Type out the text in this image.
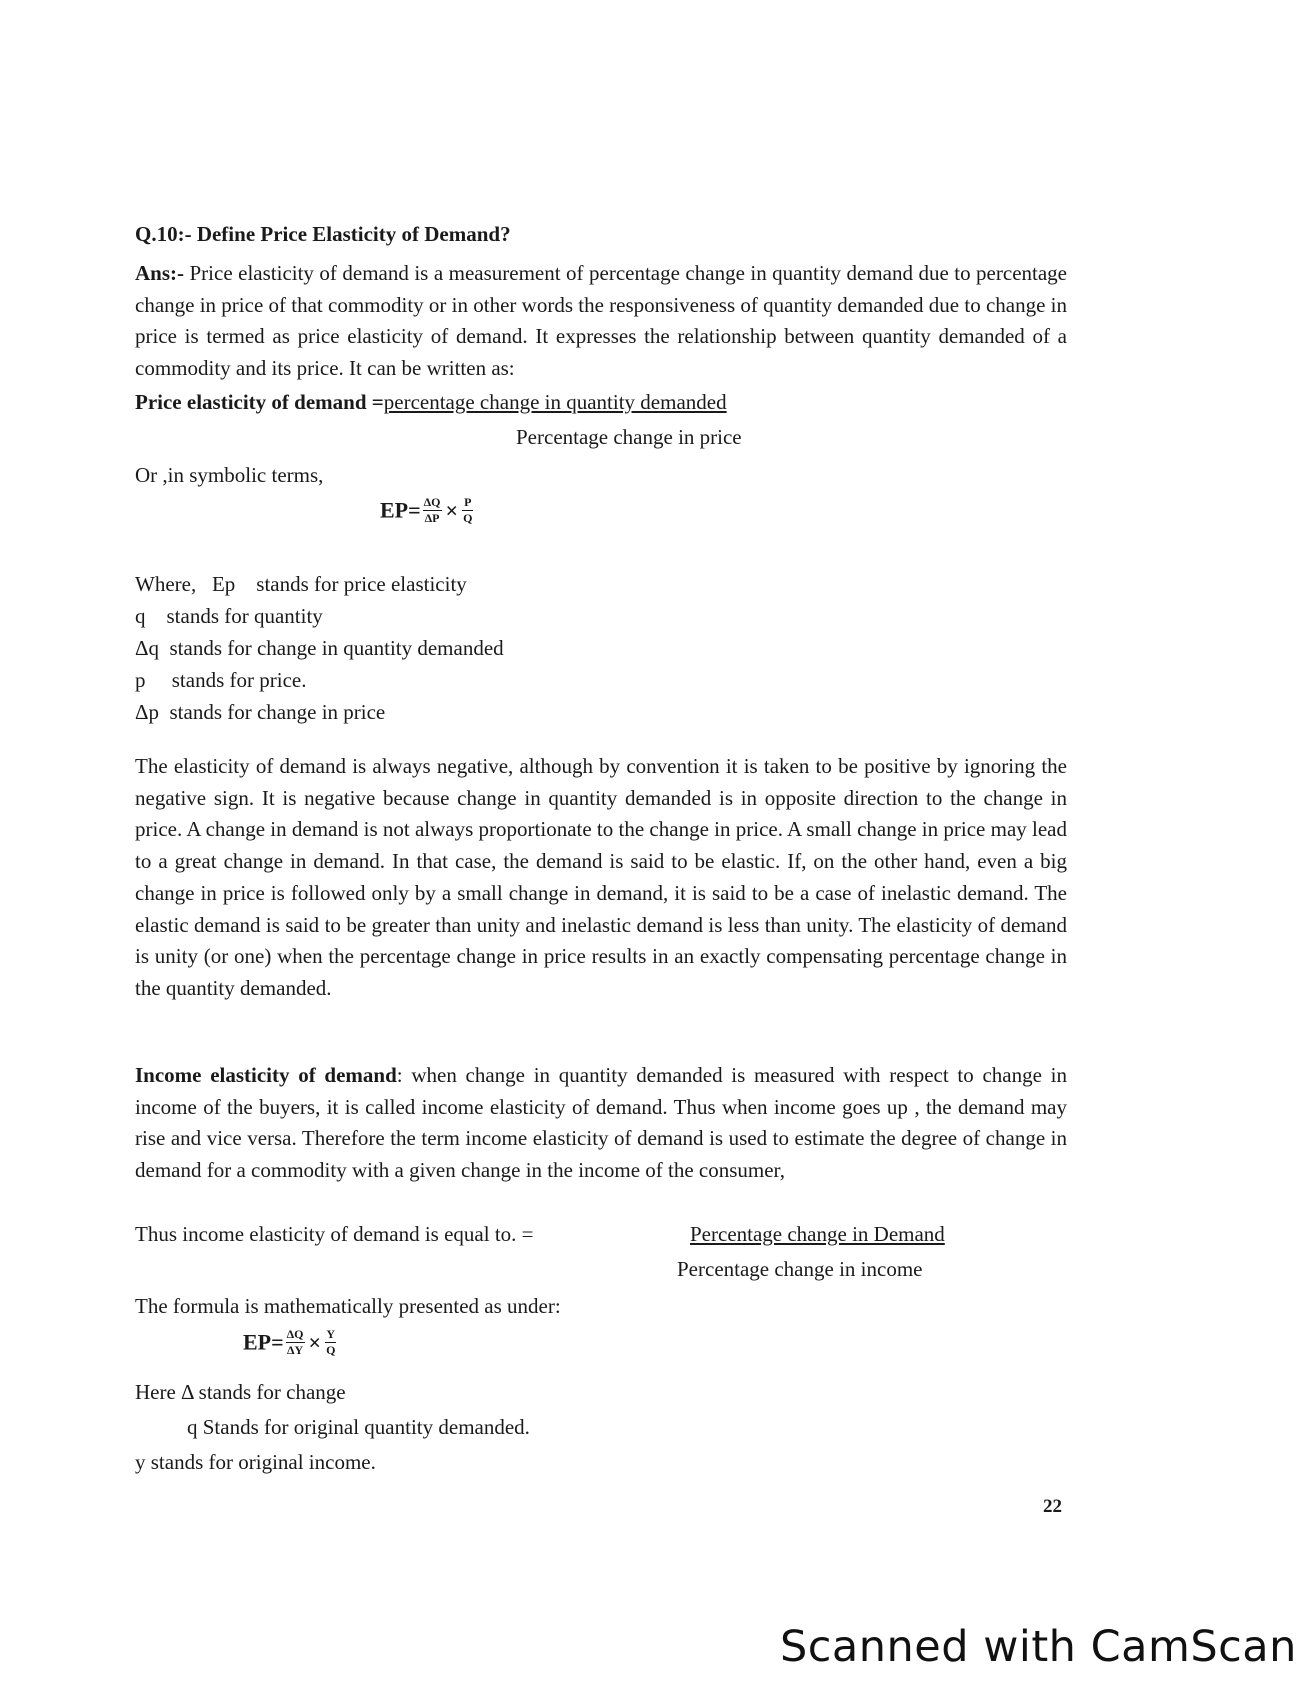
Q.10:- Define Price Elasticity of Demand?
Ans:- Price elasticity of demand is a measurement of percentage change in quantity demand due to percentage change in price of that commodity or in other words the responsiveness of quantity demanded due to change in price is termed as price elasticity of demand. It expresses the relationship between quantity demanded of a commodity and its price. It can be written as:
Price elasticity of demand =percentage change in quantity demanded
Percentage change in price
Or ,in symbolic terms,
$EP= \frac{\Delta Q}{\Delta P} \times \frac{P}{Q}$
Where,   Ep    stands for price elasticity
q    stands for quantity
Δq  stands for change in quantity demanded
p     stands for price.
Δp  stands for change in price
The elasticity of demand is always negative, although by convention it is taken to be positive by ignoring the negative sign. It is negative because change in quantity demanded is in opposite direction to the change in price. A change in demand is not always proportionate to the change in price. A small change in price may lead to a great change in demand. In that case, the demand is said to be elastic. If, on the other hand, even a big change in price is followed only by a small change in demand, it is said to be a case of inelastic demand. The elastic demand is said to be greater than unity and inelastic demand is less than unity. The elasticity of demand is unity (or one) when the percentage change in price results in an exactly compensating percentage change in the quantity demanded.
Income elasticity of demand: when change in quantity demanded is measured with respect to change in income of the buyers, it is called income elasticity of demand. Thus when income goes up , the demand may rise and vice versa. Therefore the term income elasticity of demand is used to estimate the degree of change in demand for a commodity with a given change in the income of the consumer,
Thus income elasticity of demand is equal to. =	Percentage change in Demand
Percentage change in income
The formula is mathematically presented as under:
$EP= \frac{\Delta Q}{\Delta Y} \times \frac{Y}{Q}$
Here Δ stands for change
q Stands for original quantity demanded.
y stands for original income.
22
Scanned with CamScan
